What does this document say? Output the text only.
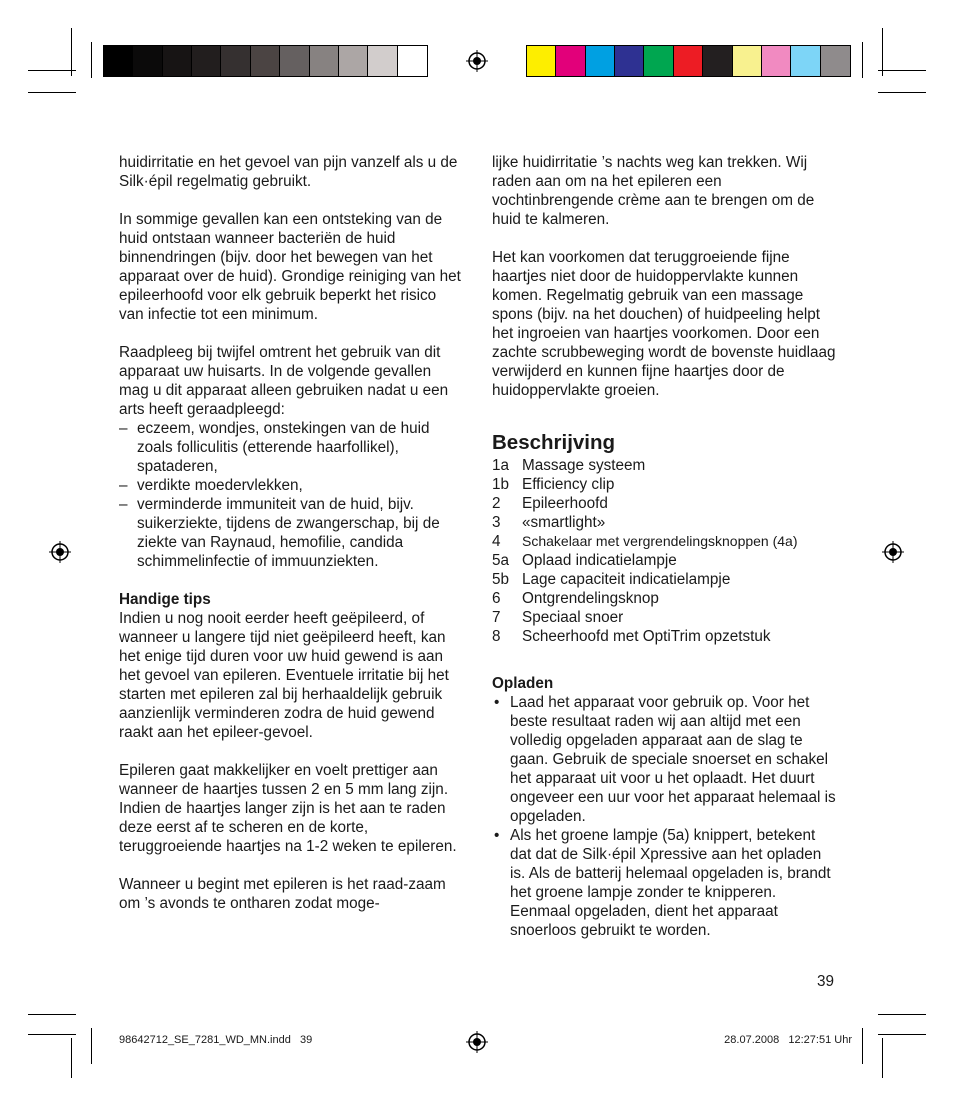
huidirritatie en het gevoel van pijn vanzelf als u de Silk·épil regelmatig gebruikt.

In sommige gevallen kan een ontsteking van de huid ontstaan wanneer bacteriën de huid binnendringen (bijv. door het bewegen van het apparaat over de huid). Grondige reiniging van het epileerhoofd voor elk gebruik beperkt het risico van infectie tot een minimum.

Raadpleeg bij twijfel omtrent het gebruik van dit apparaat uw huisarts. In de volgende gevallen mag u dit apparaat alleen gebruiken nadat u een arts heeft geraadpleegd:

– eczeem, wondjes, onstekingen van de huid zoals folliculitis (etterende haarfollikel), spataderen,
– verdikte moedervlekken,
– verminderde immuniteit van de huid, bijv. suikerziekte, tijdens de zwangerschap, bij de ziekte van Raynaud, hemofilie, candida schimmelinfectie of immuunziekten.

Handige tips

Indien u nog nooit eerder heeft geëpileerd, of wanneer u langere tijd niet geëpileerd heeft, kan het enige tijd duren voor uw huid gewend is aan het gevoel van epileren. Eventuele irritatie bij het starten met epileren zal bij herhaaldelijk gebruik aanzienlijk verminderen zodra de huid gewend raakt aan het epileer-gevoel.

Epileren gaat makkelijker en voelt prettiger aan wanneer de haartjes tussen 2 en 5 mm lang zijn. Indien de haartjes langer zijn is het aan te raden deze eerst af te scheren en de korte, teruggroeiende haartjes na 1-2 weken te epileren.

Wanneer u begint met epileren is het raad-zaam om ’s avonds te ontharen zodat moge-

lijke huidirritatie ’s nachts weg kan trekken. Wij raden aan om na het epileren een vochtinbrengende crème aan te brengen om de huid te kalmeren.

Het kan voorkomen dat teruggroeiende fijne haartjes niet door de huidoppervlakte kunnen komen. Regelmatig gebruik van een massage spons (bijv. na het douchen) of huidpeeling helpt het ingroeien van haartjes voorkomen. Door een zachte scrubbeweging wordt de bovenste huidlaag verwijderd en kunnen fijne haartjes door de huidoppervlakte groeien.

Beschrijving

1a Massage systeem
1b Efficiency clip
2	Epileerhoofd
3	«smartlight»
4	Schakelaar met vergrendelingsknoppen (4a)
5a Oplaad indicatielampje
5b Lage capaciteit indicatielampje
6	Ontgrendelingsknop
7	Speciaal snoer
8	Scheerhoofd met OptiTrim opzetstuk

Opladen

• Laad het apparaat voor gebruik op. Voor het beste resultaat raden wij aan altijd met een volledig opgeladen apparaat aan de slag te gaan. Gebruik de speciale snoerset en schakel het apparaat uit voor u het oplaadt. Het duurt ongeveer een uur voor het apparaat helemaal is opgeladen.
• Als het groene lampje (5a) knippert, betekent dat dat de Silk·épil Xpressive aan het opladen is. Als de batterij helemaal opgeladen is, brandt het groene lampje zonder te knipperen. Eenmaal opgeladen, dient het apparaat snoerloos gebruikt te worden.
39
98642712_SE_7281_WD_MN.indd   39	28.07.2008   12:27:51 Uhr
